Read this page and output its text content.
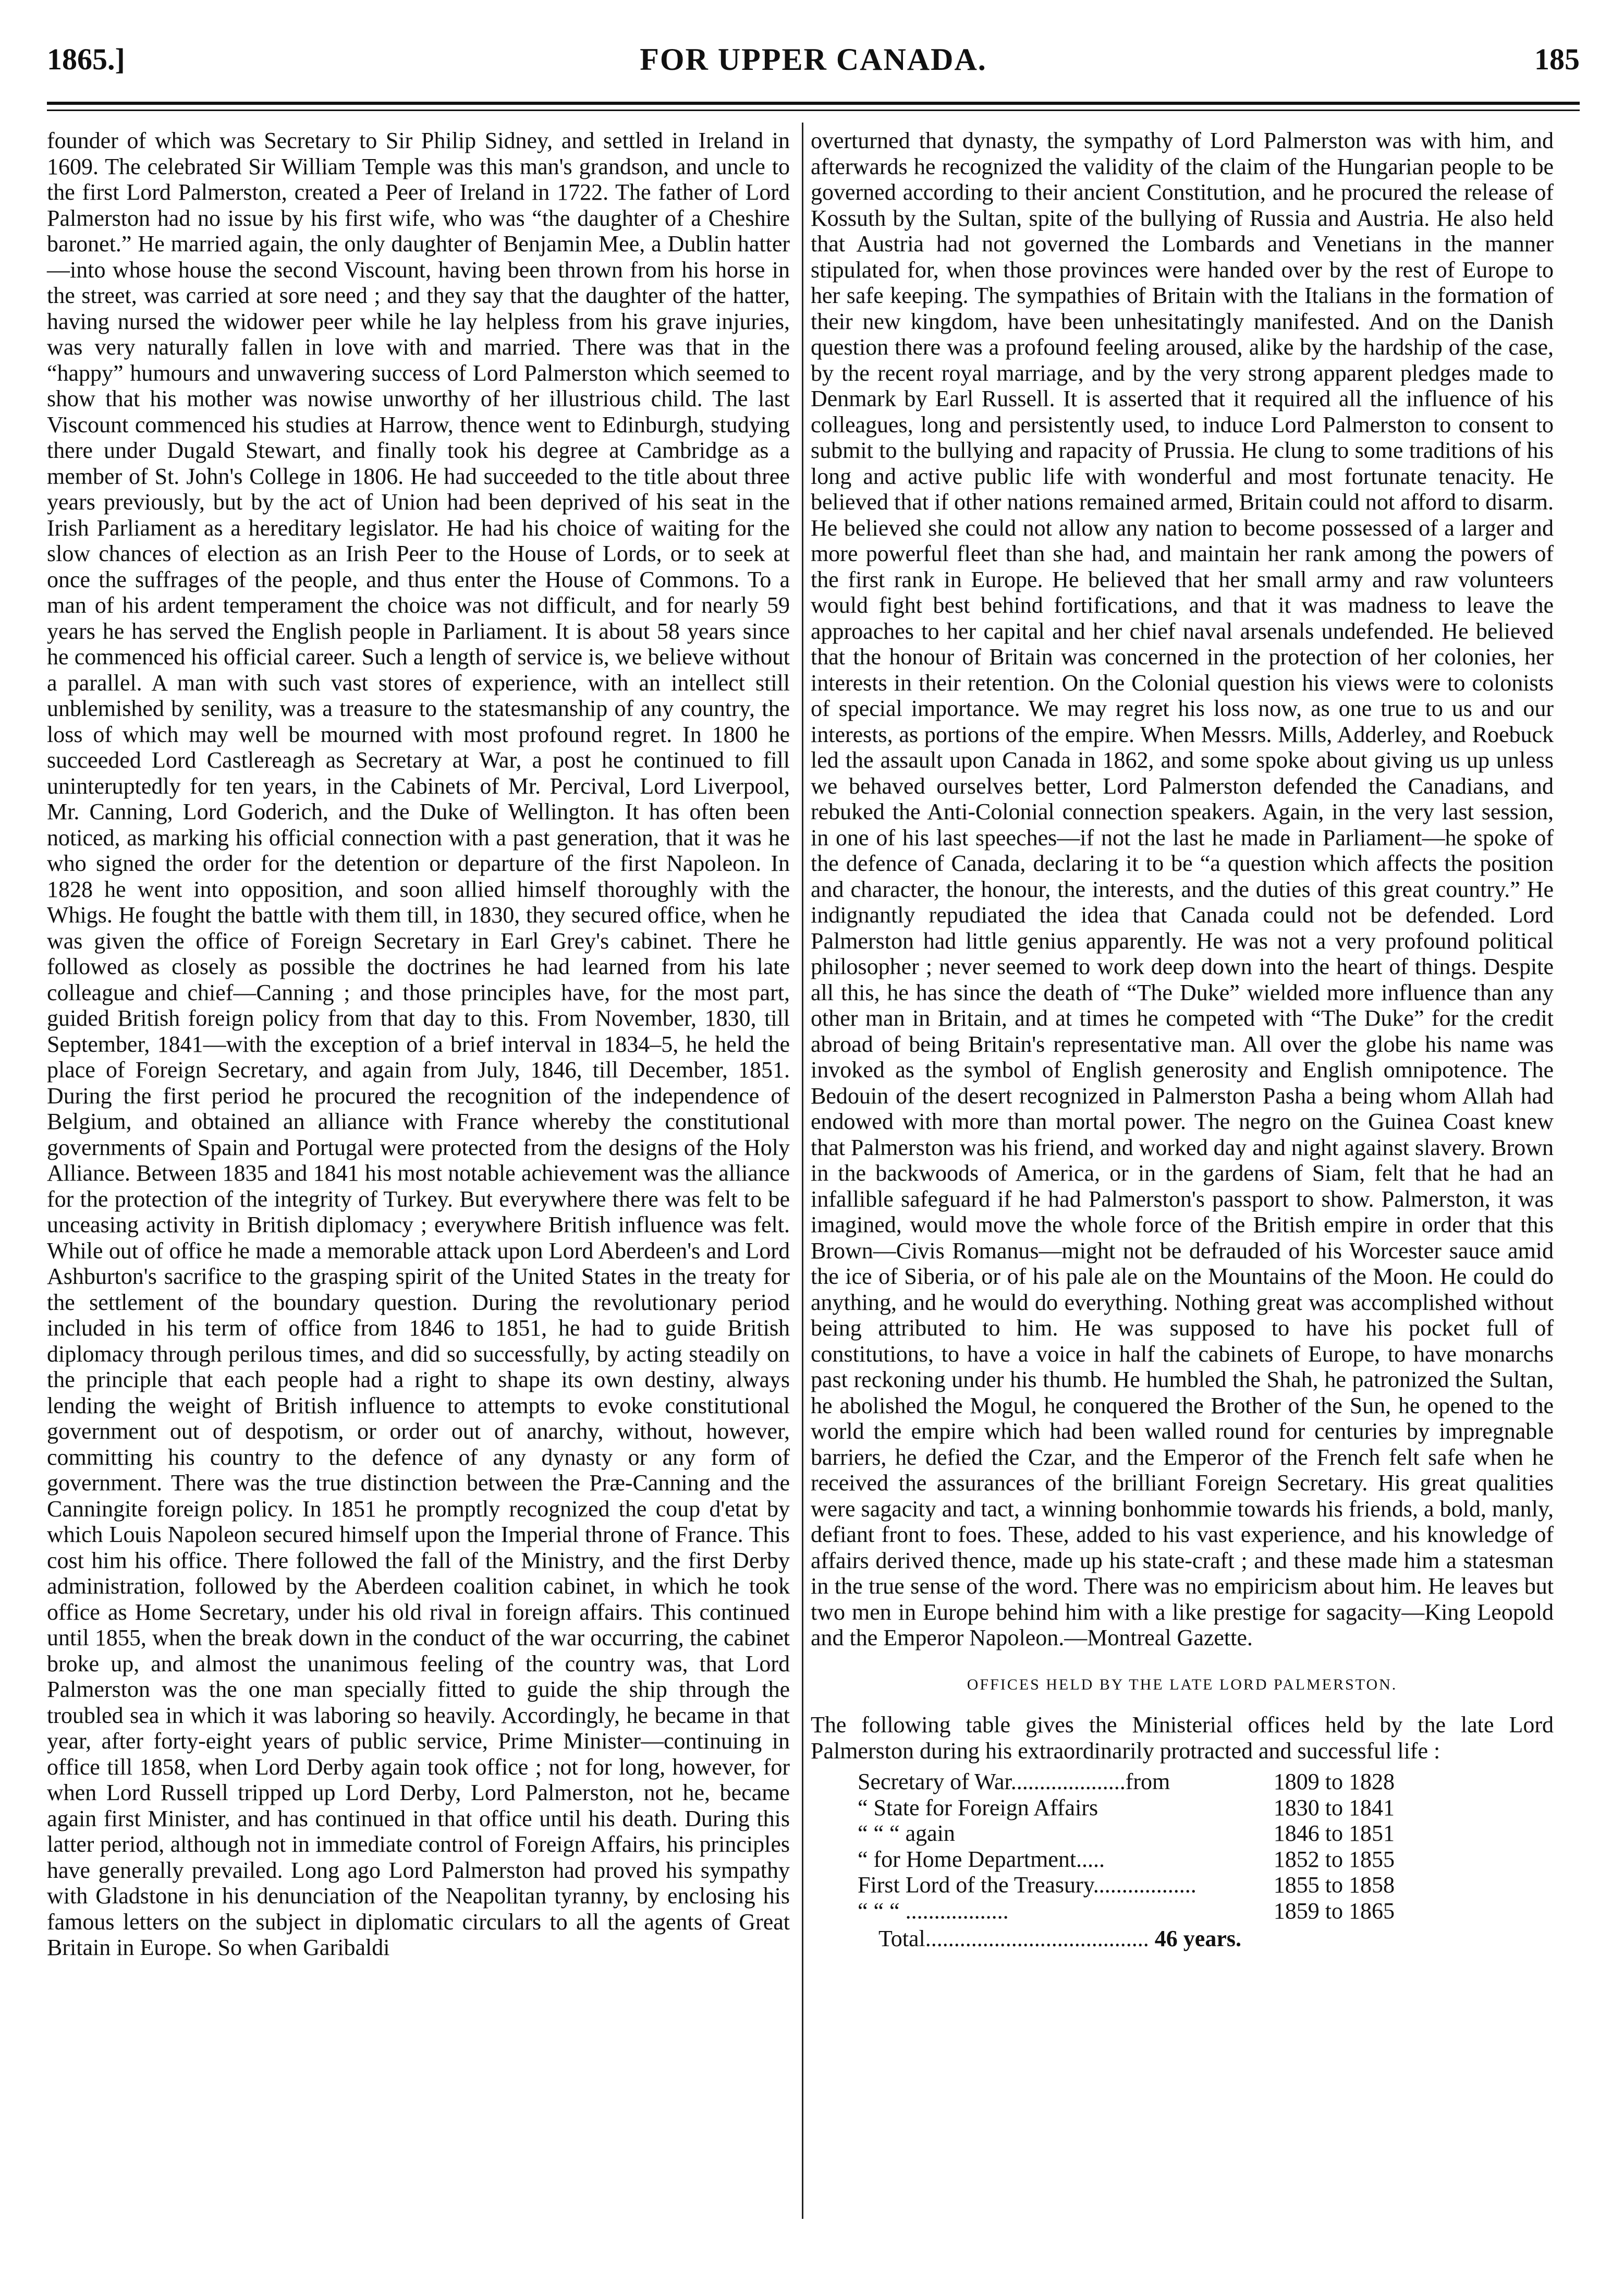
1865.]	FOR UPPER CANADA.	185

founder of which was Secretary to Sir Philip Sidney, and settled in Ireland in 1609. The celebrated Sir William Temple was this man's grandson, and uncle to the first Lord Palmerston, created a Peer of Ireland in 1722. The father of Lord Palmerston had no issue by his first wife, who was “the daughter of a Cheshire baronet.” He married again, the only daughter of Benjamin Mee, a Dublin hatter—into whose house the second Viscount, having been thrown from his horse in the street, was carried at sore need ; and they say that the daughter of the hatter, having nursed the widower peer while he lay helpless from his grave injuries, was very naturally fallen in love with and married. There was that in the “happy” humours and unwavering success of Lord Palmerston which seemed to show that his mother was nowise unworthy of her illustrious child. The last Viscount commenced his studies at Harrow, thence went to Edinburgh, studying there under Dugald Stewart, and finally took his degree at Cambridge as a member of St. John's College in 1806. He had succeeded to the title about three years previously, but by the act of Union had been deprived of his seat in the Irish Parliament as a hereditary legislator. He had his choice of waiting for the slow chances of election as an Irish Peer to the House of Lords, or to seek at once the suffrages of the people, and thus enter the House of Commons. To a man of his ardent temperament the choice was not difficult, and for nearly 59 years he has served the English people in Parliament. It is about 58 years since he commenced his official career. Such a length of service is, we believe without a parallel. A man with such vast stores of experience, with an intellect still unblemished by senility, was a treasure to the statesmanship of any country, the loss of which may well be mourned with most profound regret. In 1800 he succeeded Lord Castlereagh as Secretary at War, a post he continued to fill uninteruptedly for ten years, in the Cabinets of Mr. Percival, Lord Liverpool, Mr. Canning, Lord Goderich, and the Duke of Wellington. It has often been noticed, as marking his official connection with a past generation, that it was he who signed the order for the detention or departure of the first Napoleon. In 1828 he went into opposition, and soon allied himself thoroughly with the Whigs. He fought the battle with them till, in 1830, they secured office, when he was given the office of Foreign Secretary in Earl Grey's cabinet. There he followed as closely as possible the doctrines he had learned from his late colleague and chief—Canning ; and those principles have, for the most part, guided British foreign policy from that day to this. From November, 1830, till September, 1841—with the exception of a brief interval in 1834–5, he held the place of Foreign Secretary, and again from July, 1846, till December, 1851. During the first period he procured the recognition of the independence of Belgium, and obtained an alliance with France whereby the constitutional governments of Spain and Portugal were protected from the designs of the Holy Alliance. Between 1835 and 1841 his most notable achievement was the alliance for the protection of the integrity of Turkey. But everywhere there was felt to be unceasing activity in British diplomacy ; everywhere British influence was felt. While out of office he made a memorable attack upon Lord Aberdeen's and Lord Ashburton's sacrifice to the grasping spirit of the United States in the treaty for the settlement of the boundary question. During the revolutionary period included in his term of office from 1846 to 1851, he had to guide British diplomacy through perilous times, and did so successfully, by acting steadily on the principle that each people had a right to shape its own destiny, always lending the weight of British influence to attempts to evoke constitutional government out of despotism, or order out of anarchy, without, however, committing his country to the defence of any dynasty or any form of government. There was the true distinction between the Præ-Canning and the Canningite foreign policy. In 1851 he promptly recognized the coup d'etat by which Louis Napoleon secured himself upon the Imperial throne of France. This cost him his office. There followed the fall of the Ministry, and the first Derby administration, followed by the Aberdeen coalition cabinet, in which he took office as Home Secretary, under his old rival in foreign affairs. This continued until 1855, when the break down in the conduct of the war occurring, the cabinet broke up, and almost the unanimous feeling of the country was, that Lord Palmerston was the one man specially fitted to guide the ship through the troubled sea in which it was laboring so heavily. Accordingly, he became in that year, after forty-eight years of public service, Prime Minister—continuing in office till 1858, when Lord Derby again took office ; not for long, however, for when Lord Russell tripped up Lord Derby, Lord Palmerston, not he, became again first Minister, and has continued in that office until his death. During this latter period, although not in immediate control of Foreign Affairs, his principles have generally prevailed. Long ago Lord Palmerston had proved his sympathy with Gladstone in his denunciation of the Neapolitan tyranny, by enclosing his famous letters on the subject in diplomatic circulars to all the agents of Great Britain in Europe. So when Garibaldi

overturned that dynasty, the sympathy of Lord Palmerston was with him, and afterwards he recognized the validity of the claim of the Hungarian people to be governed according to their ancient Constitution, and he procured the release of Kossuth by the Sultan, spite of the bullying of Russia and Austria. He also held that Austria had not governed the Lombards and Venetians in the manner stipulated for, when those provinces were handed over by the rest of Europe to her safe keeping. The sympathies of Britain with the Italians in the formation of their new kingdom, have been unhesitatingly manifested. And on the Danish question there was a profound feeling aroused, alike by the hardship of the case, by the recent royal marriage, and by the very strong apparent pledges made to Denmark by Earl Russell. It is asserted that it required all the influence of his colleagues, long and persistently used, to induce Lord Palmerston to consent to submit to the bullying and rapacity of Prussia. He clung to some traditions of his long and active public life with wonderful and most fortunate tenacity. He believed that if other nations remained armed, Britain could not afford to disarm. He believed she could not allow any nation to become possessed of a larger and more powerful fleet than she had, and maintain her rank among the powers of the first rank in Europe. He believed that her small army and raw volunteers would fight best behind fortifications, and that it was madness to leave the approaches to her capital and her chief naval arsenals undefended. He believed that the honour of Britain was concerned in the protection of her colonies, her interests in their retention. On the Colonial question his views were to colonists of special importance. We may regret his loss now, as one true to us and our interests, as portions of the empire. When Messrs. Mills, Adderley, and Roebuck led the assault upon Canada in 1862, and some spoke about giving us up unless we behaved ourselves better, Lord Palmerston defended the Canadians, and rebuked the Anti-Colonial connection speakers. Again, in the very last session, in one of his last speeches—if not the last he made in Parliament—he spoke of the defence of Canada, declaring it to be “a question which affects the position and character, the honour, the interests, and the duties of this great country.” He indignantly repudiated the idea that Canada could not be defended. Lord Palmerston had little genius apparently. He was not a very profound political philosopher ; never seemed to work deep down into the heart of things. Despite all this, he has since the death of “The Duke” wielded more influence than any other man in Britain, and at times he competed with “The Duke” for the credit abroad of being Britain's representative man. All over the globe his name was invoked as the symbol of English generosity and English omnipotence. The Bedouin of the desert recognized in Palmerston Pasha a being whom Allah had endowed with more than mortal power. The negro on the Guinea Coast knew that Palmerston was his friend, and worked day and night against slavery. Brown in the backwoods of America, or in the gardens of Siam, felt that he had an infallible safeguard if he had Palmerston's passport to show. Palmerston, it was imagined, would move the whole force of the British empire in order that this Brown—Civis Romanus—might not be defrauded of his Worcester sauce amid the ice of Siberia, or of his pale ale on the Mountains of the Moon. He could do anything, and he would do everything. Nothing great was accomplished without being attributed to him. He was supposed to have his pocket full of constitutions, to have a voice in half the cabinets of Europe, to have monarchs past reckoning under his thumb. He humbled the Shah, he patronized the Sultan, he abolished the Mogul, he conquered the Brother of the Sun, he opened to the world the empire which had been walled round for centuries by impregnable barriers, he defied the Czar, and the Emperor of the French felt safe when he received the assurances of the brilliant Foreign Secretary. His great qualities were sagacity and tact, a winning bonhommie towards his friends, a bold, manly, defiant front to foes. These, added to his vast experience, and his knowledge of affairs derived thence, made up his state-craft ; and these made him a statesman in the true sense of the word. There was no empiricism about him. He leaves but two men in Europe behind him with a like prestige for sagacity—King Leopold and the Emperor Napoleon.—Montreal Gazette.

OFFICES HELD BY THE LATE LORD PALMERSTON.

The following table gives the Ministerial offices held by the late Lord Palmerston during his extraordinarily protracted and successful life :

Secretary of War....................from	1809 to 1828
“ State for Foreign Affairs	1830 to 1841
“ “ “ again	1846 to 1851
“ for Home Department.....	1852 to 1855
First Lord of the Treasury..................	1855 to 1858
“ “ “ ..................	1859 to 1865
Total....................................... 46 years.
